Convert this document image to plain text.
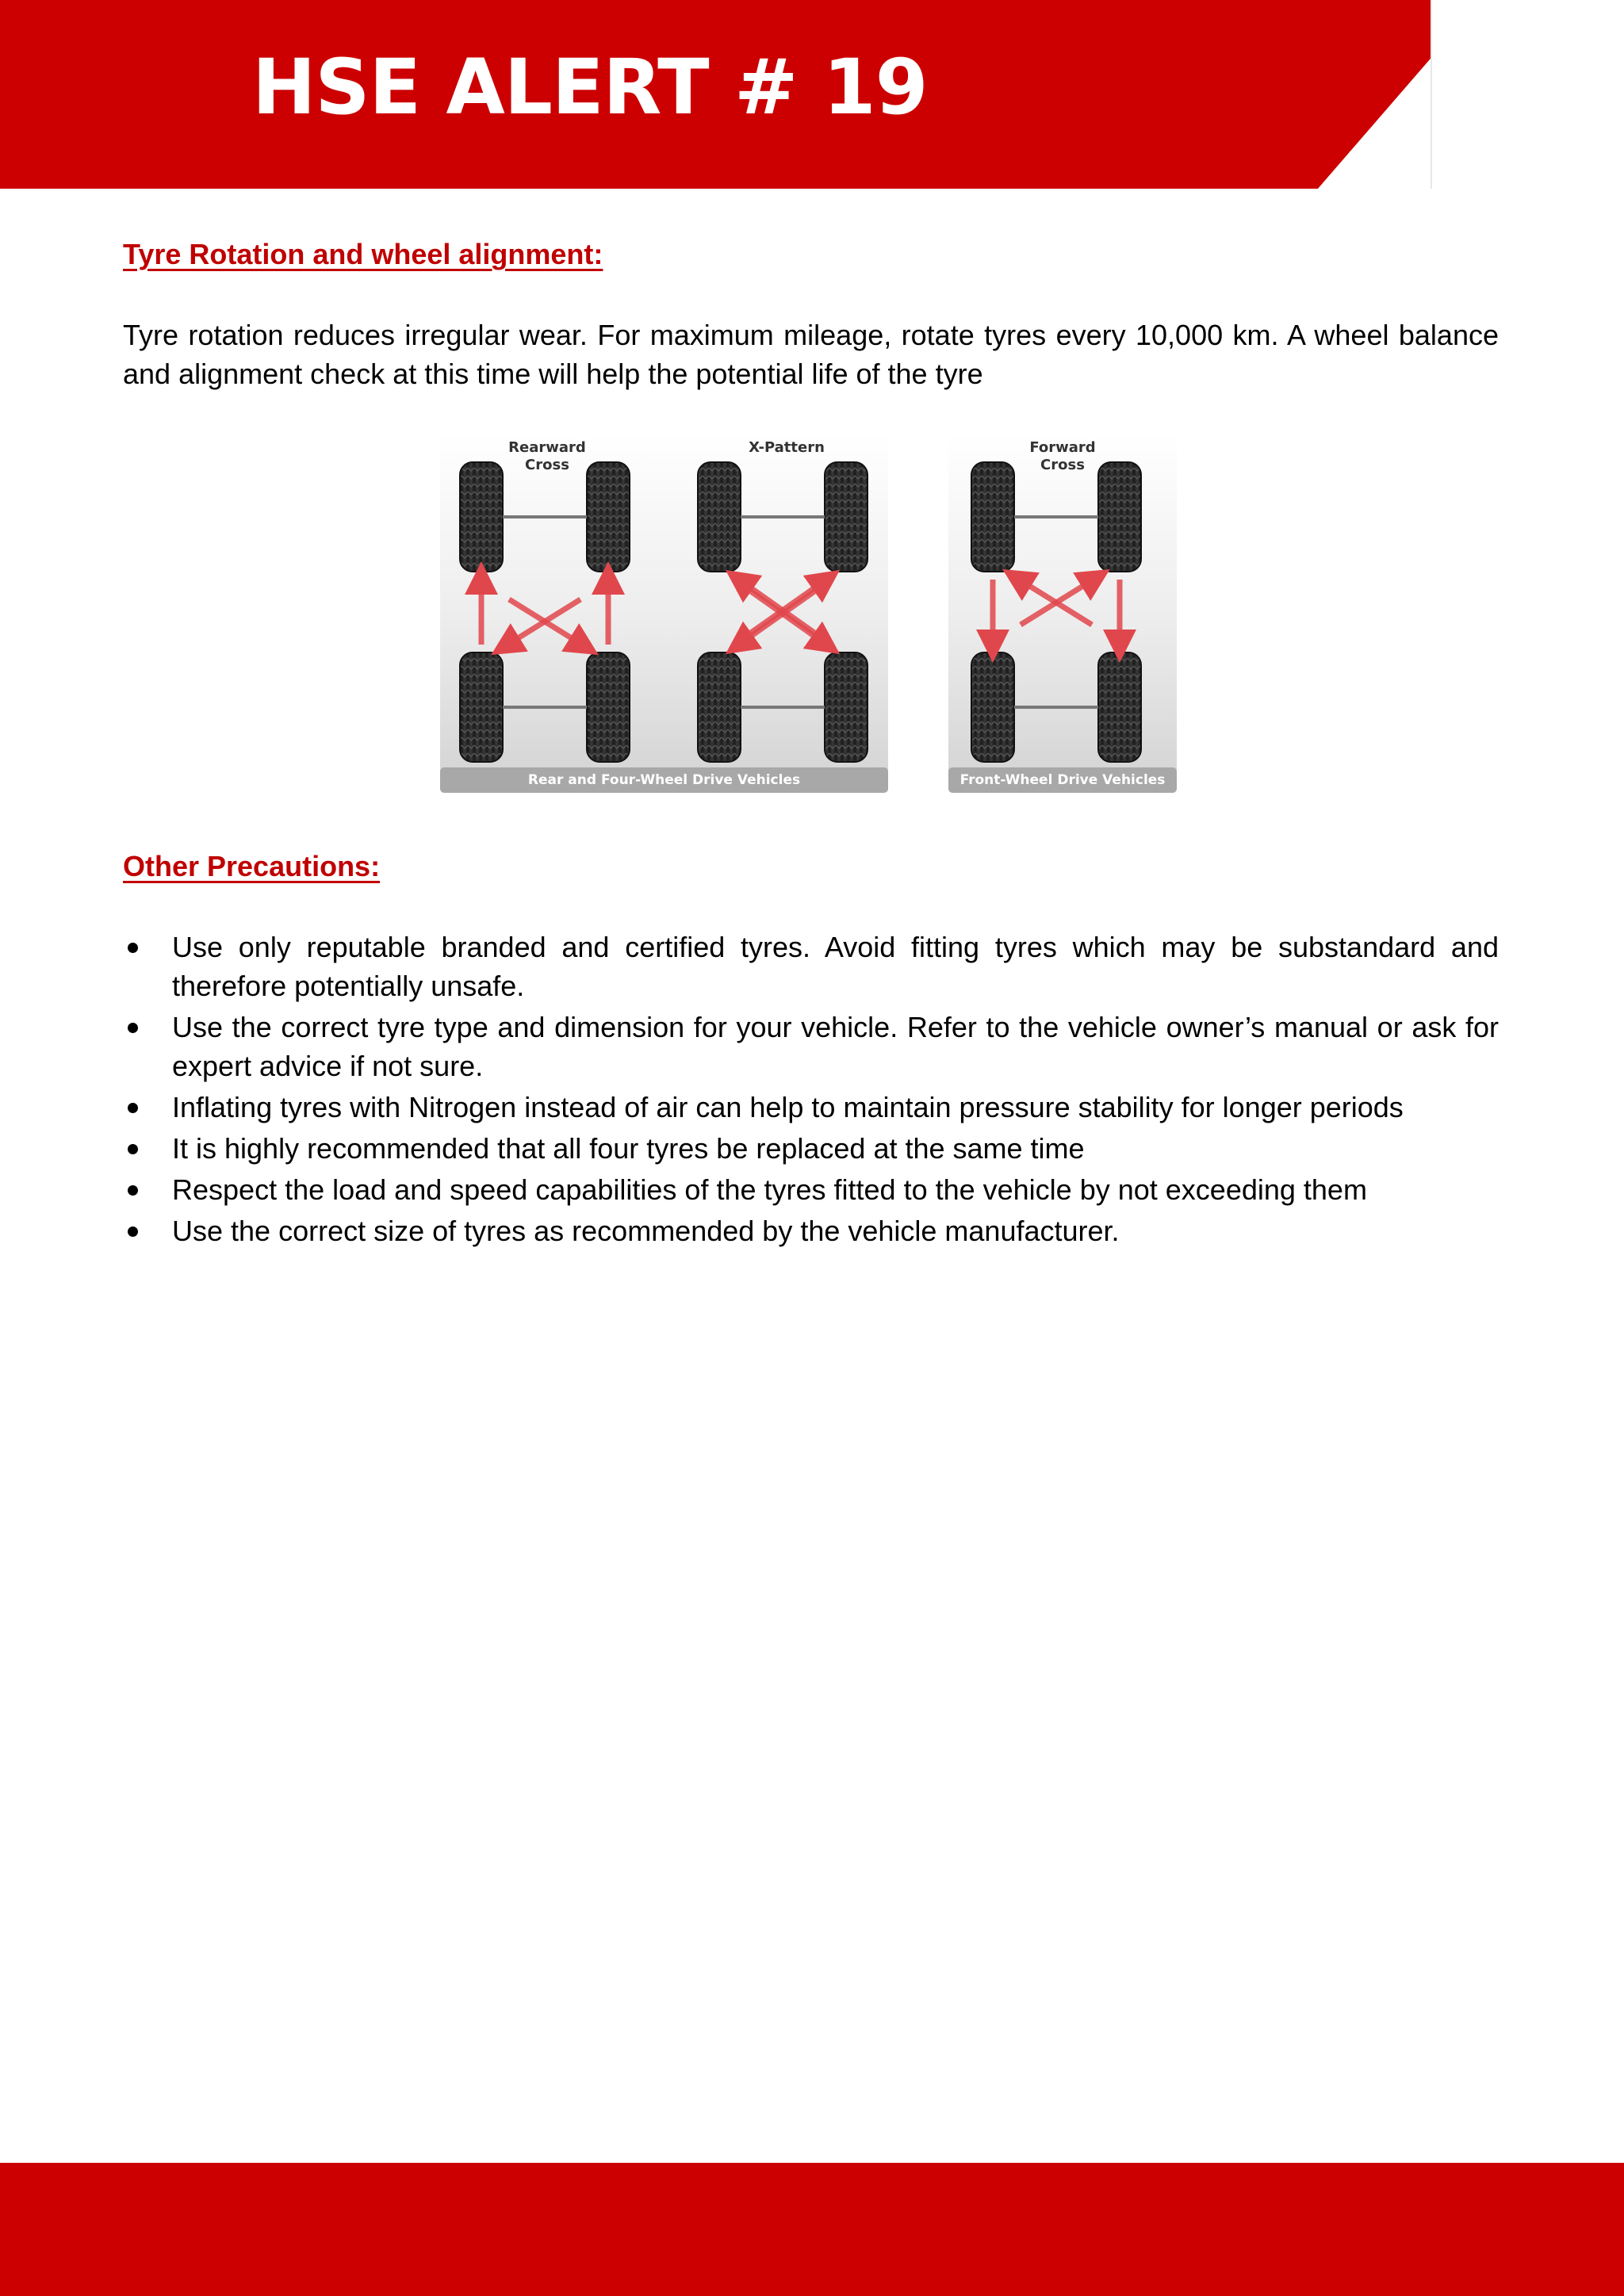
HSE ALERT # 19
Tyre Rotation and wheel alignment:
Tyre rotation reduces irregular wear. For maximum mileage, rotate tyres every 10,000 km. A wheel balance and alignment check at this time will help the potential life of the tyre
Rearward
Cross
X-Pattern	Forward
Cross
Rear and Four-Wheel Drive Vehicles	Front-Wheel Drive Vehicles
Other Precautions:
Use only reputable branded and certified tyres. Avoid fitting tyres which may be substandard and therefore potentially unsafe.
Use the correct tyre type and dimension for your vehicle. Refer to the vehicle owner’s manual or ask for expert advice if not sure.
Inflating tyres with Nitrogen instead of air can help to maintain pressure stability for longer periods
It is highly recommended that all four tyres be replaced at the same time
Respect the load and speed capabilities of the tyres fitted to the vehicle by not exceeding them
Use the correct size of tyres as recommended by the vehicle manufacturer.
